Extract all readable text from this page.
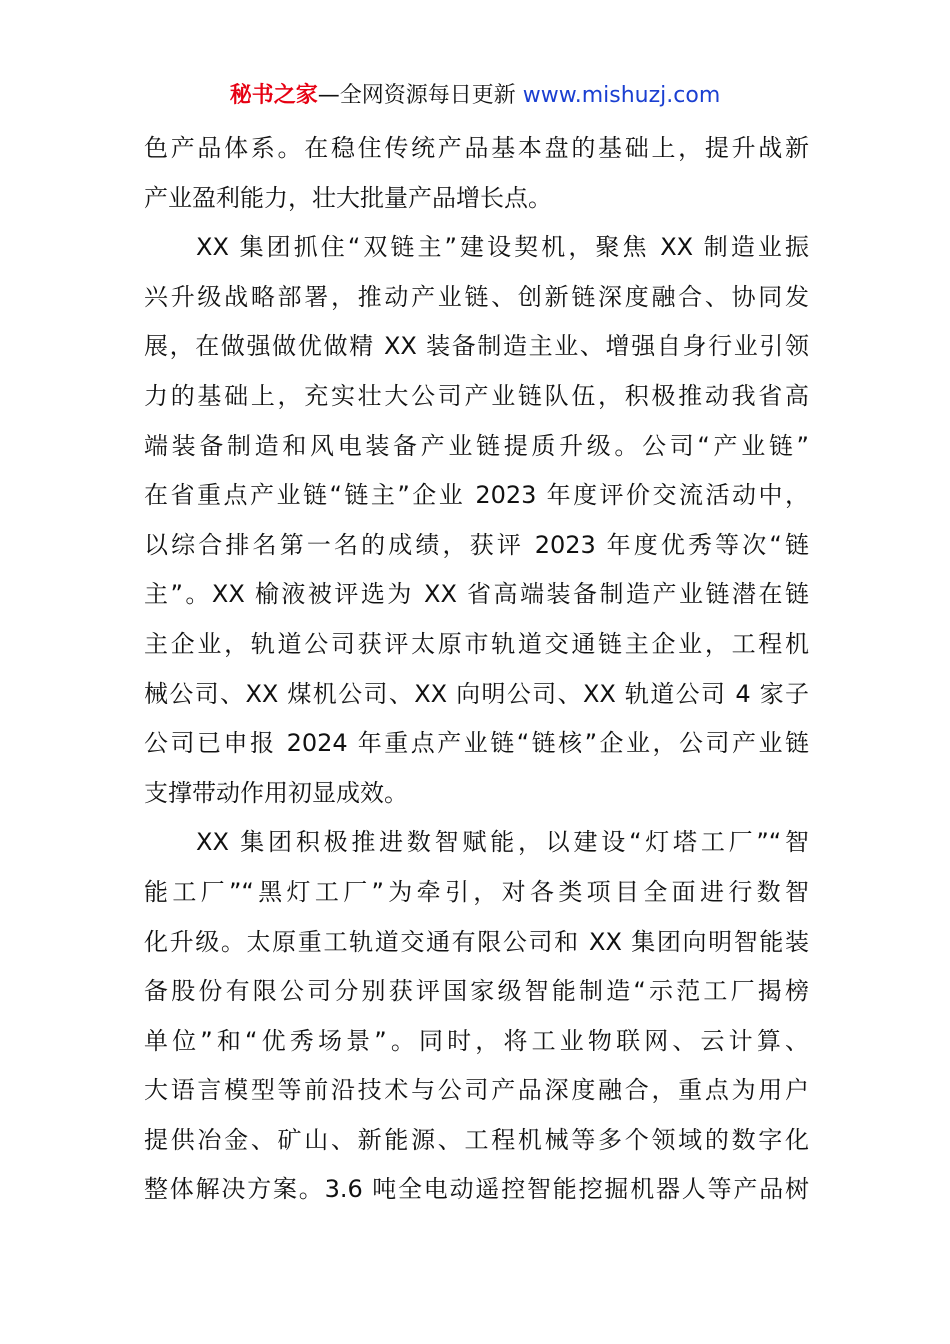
秘书之家—全网资源每日更新 www.mishuzj.com
色产品体系。在稳住传统产品基本盘的基础上，提升战新
产业盈利能力，壮大批量产品增长点。
XX 集团抓住“双链主”建设契机，聚焦 XX 制造业振
兴升级战略部署，推动产业链、创新链深度融合、协同发
展，在做强做优做精 XX 装备制造主业、增强自身行业引领
力的基础上，充实壮大公司产业链队伍，积极推动我省高
端装备制造和风电装备产业链提质升级。公司“产业链”
在省重点产业链“链主”企业 2023 年度评价交流活动中，
以综合排名第一名的成绩，获评 2023 年度优秀等次“链
主”。XX 榆液被评选为 XX 省高端装备制造产业链潜在链
主企业，轨道公司获评太原市轨道交通链主企业，工程机
械公司、XX 煤机公司、XX 向明公司、XX 轨道公司 4 家子
公司已申报 2024 年重点产业链“链核”企业，公司产业链
支撑带动作用初显成效。
XX 集团积极推进数智赋能，以建设“灯塔工厂”“智
能工厂”“黑灯工厂”为牵引，对各类项目全面进行数智
化升级。太原重工轨道交通有限公司和 XX 集团向明智能装
备股份有限公司分别获评国家级智能制造“示范工厂揭榜
单位”和“优秀场景”。同时，将工业物联网、云计算、
大语言模型等前沿技术与公司产品深度融合，重点为用户
提供冶金、矿山、新能源、工程机械等多个领域的数字化
整体解决方案。3.6 吨全电动遥控智能挖掘机器人等产品树
